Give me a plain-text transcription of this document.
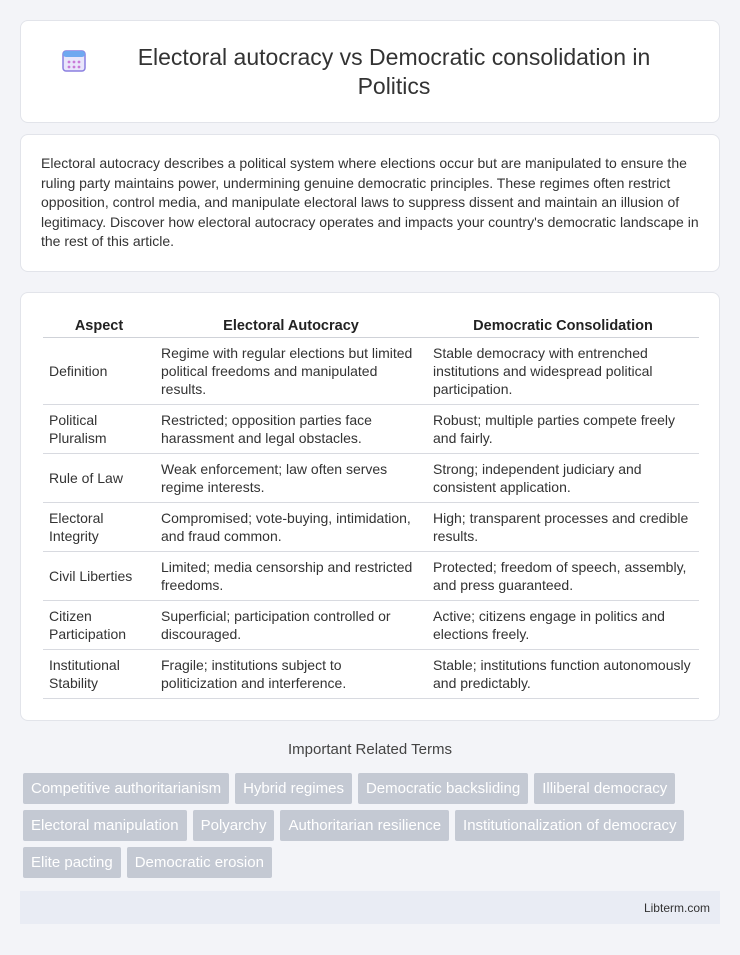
Electoral autocracy vs Democratic consolidation in Politics

Electoral autocracy describes a political system where elections occur but are manipulated to ensure the ruling party maintains power, undermining genuine democratic principles. These regimes often restrict opposition, control media, and manipulate electoral laws to suppress dissent and maintain an illusion of legitimacy. Discover how electoral autocracy operates and impacts your country's democratic landscape in the rest of this article.

Aspect	Electoral Autocracy	Democratic Consolidation
Definition	Regime with regular elections but limited political freedoms and manipulated results.	Stable democracy with entrenched institutions and widespread political participation.
Political Pluralism	Restricted; opposition parties face harassment and legal obstacles.	Robust; multiple parties compete freely and fairly.
Rule of Law	Weak enforcement; law often serves regime interests.	Strong; independent judiciary and consistent application.
Electoral Integrity	Compromised; vote-buying, intimidation, and fraud common.	High; transparent processes and credible results.
Civil Liberties	Limited; media censorship and restricted freedoms.	Protected; freedom of speech, assembly, and press guaranteed.
Citizen Participation	Superficial; participation controlled or discouraged.	Active; citizens engage in politics and elections freely.
Institutional Stability	Fragile; institutions subject to politicization and interference.	Stable; institutions function autonomously and predictably.
Important Related Terms
Competitive authoritarianism	Hybrid regimes	Democratic backsliding	Illiberal democracy
Electoral manipulation	Polyarchy	Authoritarian resilience	Institutionalization of democracy
Elite pacting	Democratic erosion
Libterm.com
